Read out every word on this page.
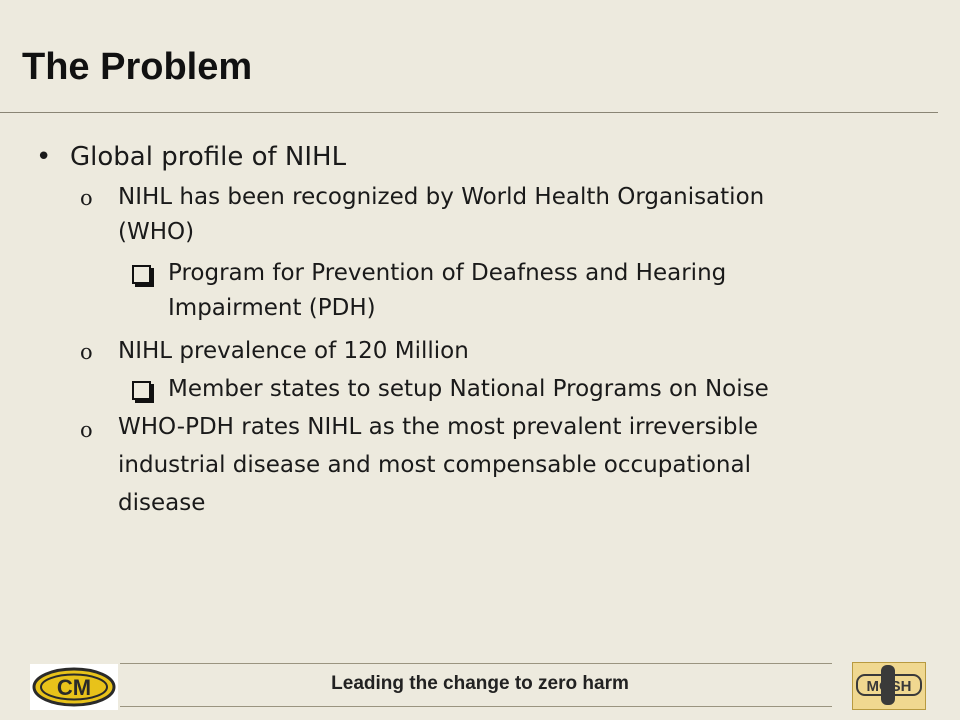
The Problem
• Global profile of NIHL
o NIHL has been recognized by World Health Organisation
(WHO)
Program for Prevention of Deafness and Hearing
Impairment (PDH)
o NIHL prevalence of 120 Million
Member states to setup National Programs on Noise
o WHO-PDH rates NIHL as the most prevalent irreversible
industrial disease and most compensable occupational
disease
Leading the change to zero harm
CM	MOSH
